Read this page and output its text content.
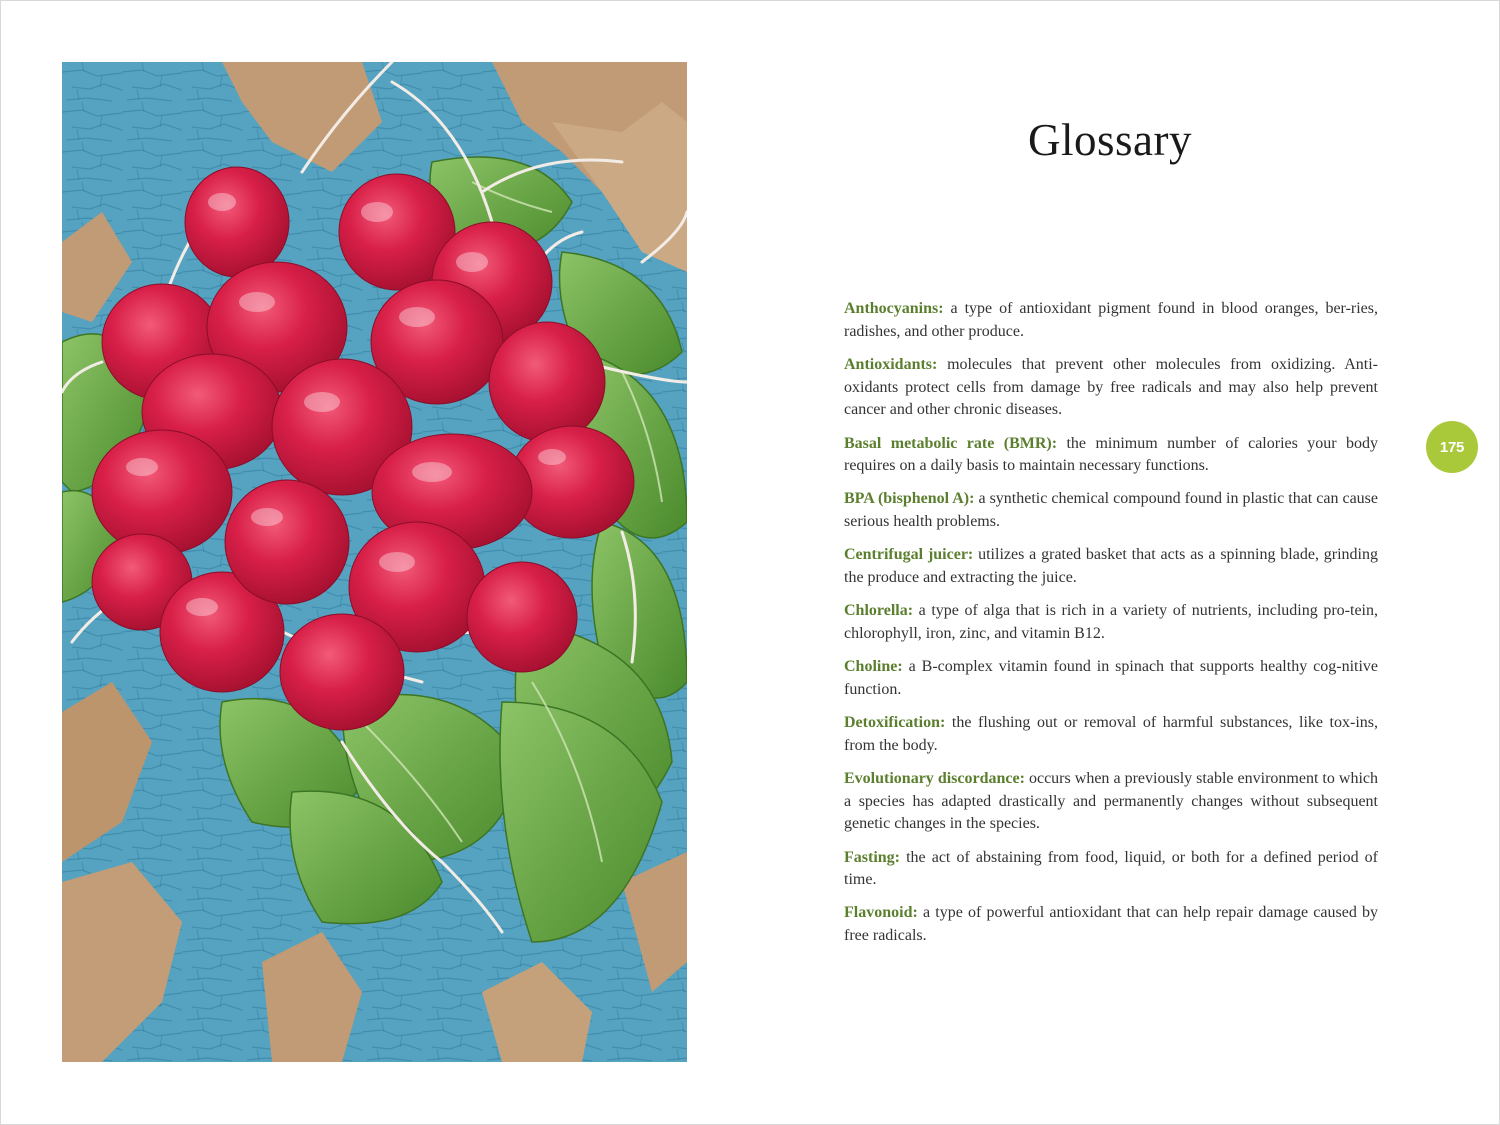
Glossary

Anthocyanins: a type of antioxidant pigment found in blood oranges, ber-ries, radishes, and other produce.

Antioxidants: molecules that prevent other molecules from oxidizing. Anti-oxidants protect cells from damage by free radicals and may also help prevent cancer and other chronic diseases.

Basal metabolic rate (BMR): the minimum number of calories your body requires on a daily basis to maintain necessary functions.

BPA (bisphenol A): a synthetic chemical compound found in plastic that can cause serious health problems.

Centrifugal juicer: utilizes a grated basket that acts as a spinning blade, grinding the produce and extracting the juice.

Chlorella: a type of alga that is rich in a variety of nutrients, including pro-tein, chlorophyll, iron, zinc, and vitamin B12.

Choline: a B-complex vitamin found in spinach that supports healthy cog-nitive function.

Detoxification: the flushing out or removal of harmful substances, like tox-ins, from the body.

Evolutionary discordance: occurs when a previously stable environment to which a species has adapted drastically and permanently changes without subsequent genetic changes in the species.

Fasting: the act of abstaining from food, liquid, or both for a defined period of time.

Flavonoid: a type of powerful antioxidant that can help repair damage caused by free radicals.

175
